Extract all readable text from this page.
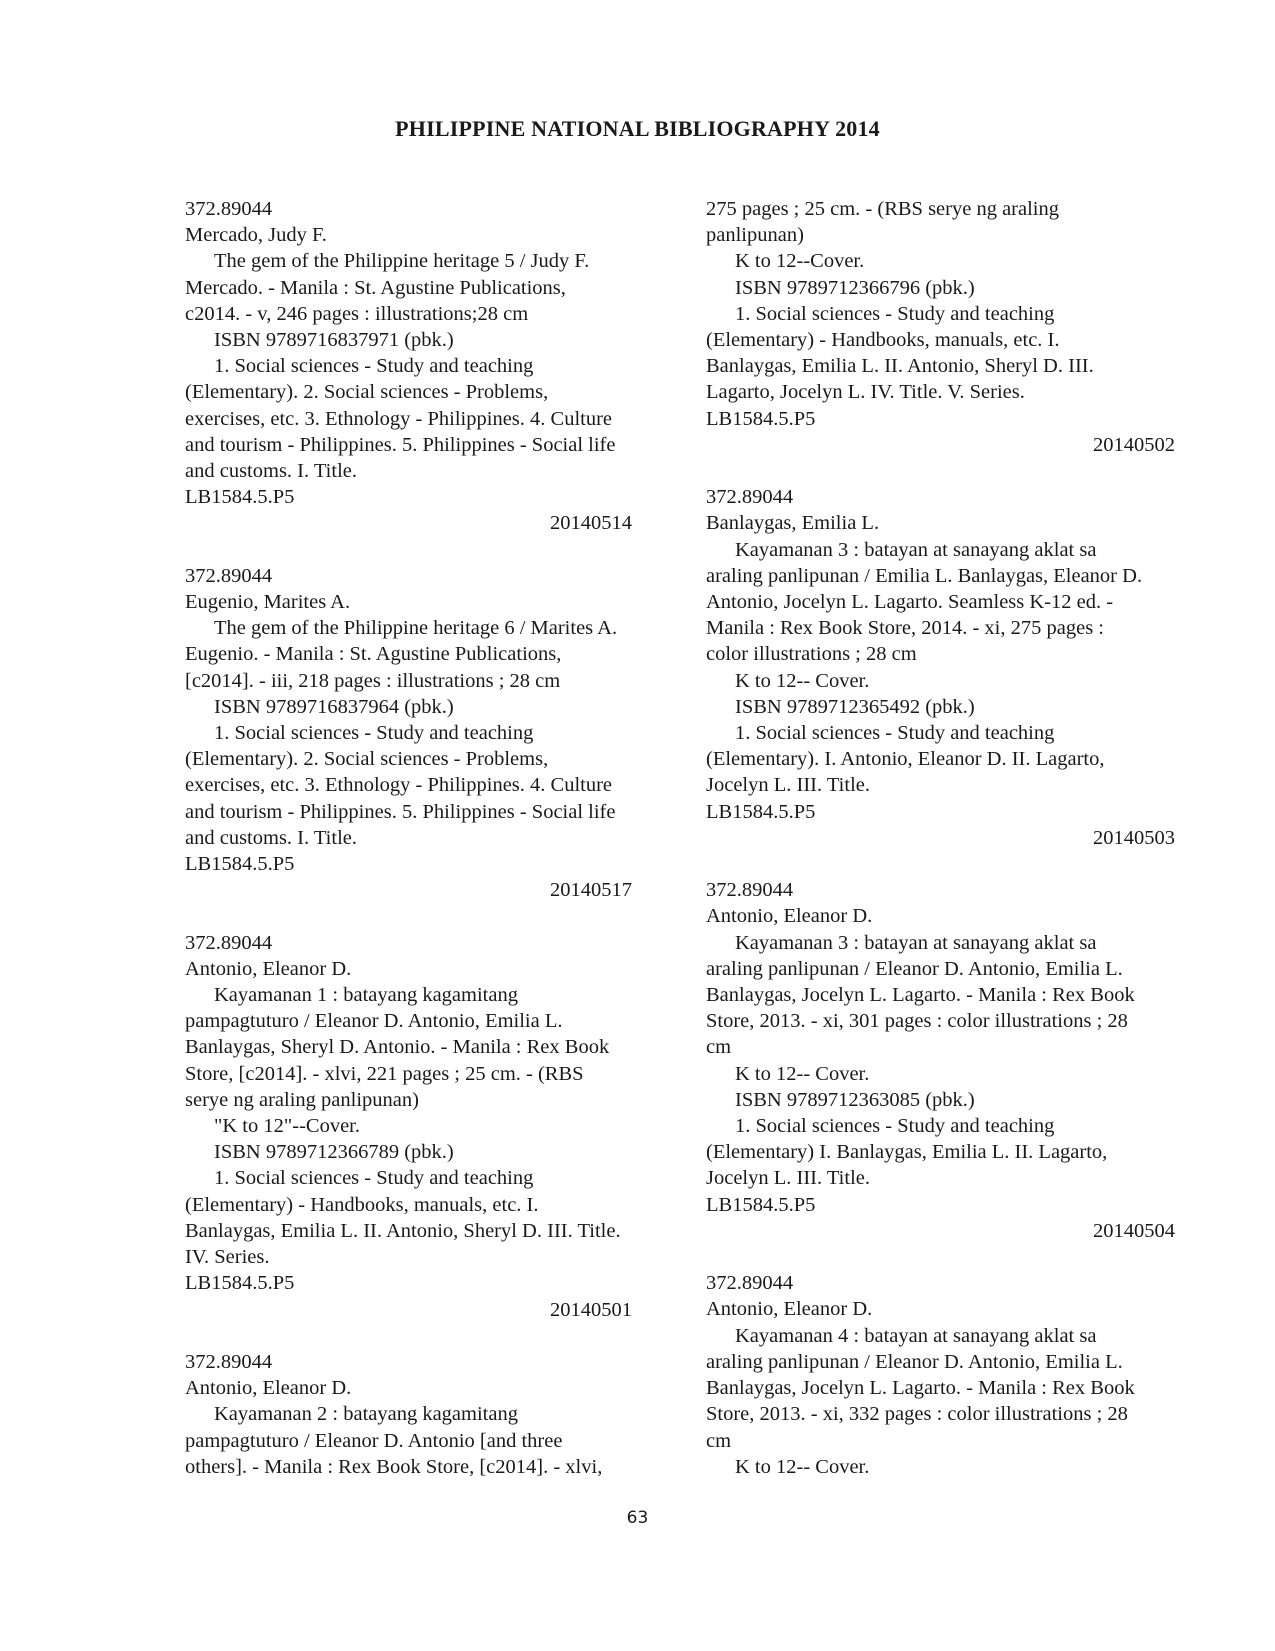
PHILIPPINE NATIONAL BIBLIOGRAPHY 2014
372.89044
Mercado, Judy F.
The gem of the Philippine heritage 5 / Judy F.
Mercado. - Manila : St. Agustine Publications,
c2014. - v, 246 pages : illustrations;28 cm
ISBN 9789716837971 (pbk.)
1. Social sciences - Study and teaching
(Elementary). 2. Social sciences - Problems,
exercises, etc. 3. Ethnology - Philippines. 4. Culture
and tourism - Philippines. 5. Philippines - Social life
and customs. I. Title.
LB1584.5.P5
20140514
372.89044
Eugenio, Marites A.
The gem of the Philippine heritage 6 / Marites A.
Eugenio. - Manila : St. Agustine Publications,
[c2014]. - iii, 218 pages : illustrations ; 28 cm
ISBN 9789716837964 (pbk.)
1. Social sciences - Study and teaching
(Elementary). 2. Social sciences - Problems,
exercises, etc. 3. Ethnology - Philippines. 4. Culture
and tourism - Philippines. 5. Philippines - Social life
and customs. I. Title.
LB1584.5.P5
20140517
372.89044
Antonio, Eleanor D.
Kayamanan 1 : batayang kagamitang
pampagtuturo / Eleanor D. Antonio, Emilia L.
Banlaygas, Sheryl D. Antonio. - Manila : Rex Book
Store, [c2014]. - xlvi, 221 pages ; 25 cm. - (RBS
serye ng araling panlipunan)
"K to 12"--Cover.
ISBN 9789712366789 (pbk.)
1. Social sciences - Study and teaching
(Elementary) - Handbooks, manuals, etc. I.
Banlaygas, Emilia L. II. Antonio, Sheryl D. III. Title.
IV. Series.
LB1584.5.P5
20140501
372.89044
Antonio, Eleanor D.
Kayamanan 2 : batayang kagamitang
pampagtuturo / Eleanor D. Antonio [and three
others]. - Manila : Rex Book Store, [c2014]. - xlvi,
275 pages ; 25 cm. - (RBS serye ng araling
panlipunan)
K to 12--Cover.
ISBN 9789712366796 (pbk.)
1. Social sciences - Study and teaching
(Elementary) - Handbooks, manuals, etc. I.
Banlaygas, Emilia L. II. Antonio, Sheryl D. III.
Lagarto, Jocelyn L. IV. Title. V. Series.
LB1584.5.P5
20140502
372.89044
Banlaygas, Emilia L.
Kayamanan 3 : batayan at sanayang aklat sa
araling panlipunan / Emilia L. Banlaygas, Eleanor D.
Antonio, Jocelyn L. Lagarto. Seamless K-12 ed. -
Manila : Rex Book Store, 2014. - xi, 275 pages :
color illustrations ; 28 cm
K to 12-- Cover.
ISBN 9789712365492 (pbk.)
1. Social sciences - Study and teaching
(Elementary). I. Antonio, Eleanor D. II. Lagarto,
Jocelyn L. III. Title.
LB1584.5.P5
20140503
372.89044
Antonio, Eleanor D.
Kayamanan 3 : batayan at sanayang aklat sa
araling panlipunan / Eleanor D. Antonio, Emilia L.
Banlaygas, Jocelyn L. Lagarto. - Manila : Rex Book
Store, 2013. - xi, 301 pages : color illustrations ; 28
cm
K to 12-- Cover.
ISBN 9789712363085 (pbk.)
1. Social sciences - Study and teaching
(Elementary) I. Banlaygas, Emilia L. II. Lagarto,
Jocelyn L. III. Title.
LB1584.5.P5
20140504
372.89044
Antonio, Eleanor D.
Kayamanan 4 : batayan at sanayang aklat sa
araling panlipunan / Eleanor D. Antonio, Emilia L.
Banlaygas, Jocelyn L. Lagarto. - Manila : Rex Book
Store, 2013. - xi, 332 pages : color illustrations ; 28
cm
K to 12-- Cover.
63
